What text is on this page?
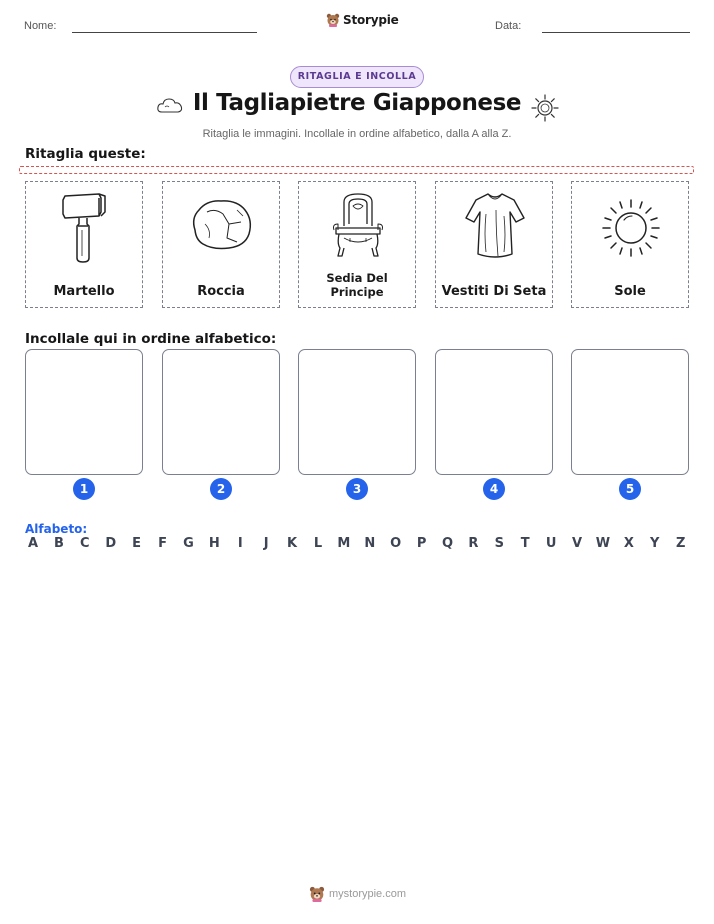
Nome:	Storypie	Data:
RITAGLIA E INCOLLA
Il Tagliapietre Giapponese
Ritaglia le immagini. Incollale in ordine alfabetico, dalla A alla Z.
Ritaglia queste:
Martello	Roccia
Sedia Del Principe	Vestiti Di Seta	Sole
Incollale qui in ordine alfabetico:
1	2	3	4	5
Alfabeto:
A B C D E F G H	I	J	K L M N O P Q R S T U V W X Y Z
mystorypie.com
